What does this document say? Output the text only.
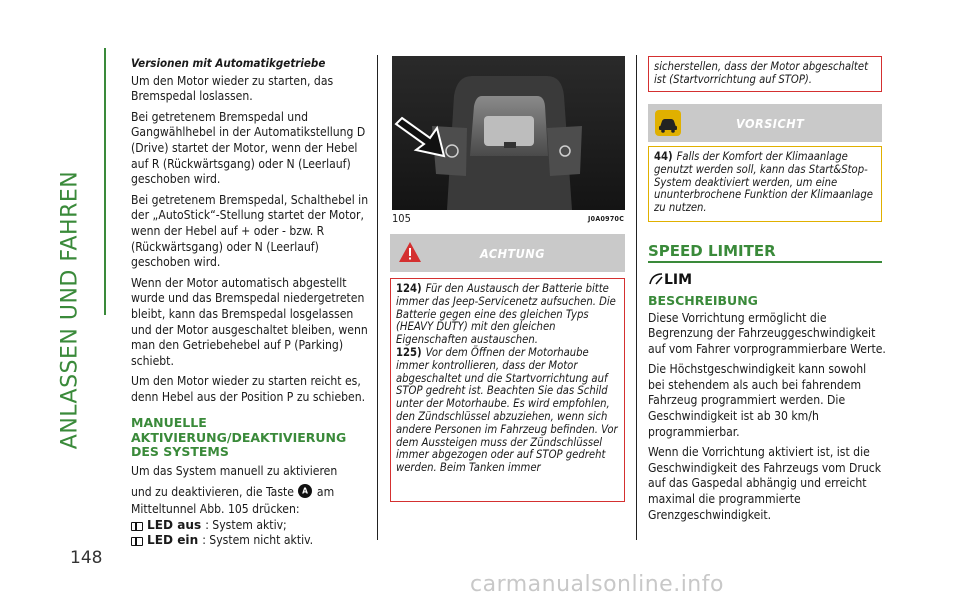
ANLASSEN UND FAHREN
148

Versionen mit Automatikgetriebe

Um den Motor wieder zu starten, das Bremspedal loslassen.

Bei getretenem Bremspedal und Gangwählhebel in der Automatikstellung D (Drive) startet der Motor, wenn der Hebel auf R (Rückwärtsgang) oder N (Leerlauf) geschoben wird.

Bei getretenem Bremspedal, Schalthebel in der „AutoStick“-Stellung startet der Motor, wenn der Hebel auf + oder - bzw. R (Rückwärtsgang) oder N (Leerlauf) geschoben wird.

Wenn der Motor automatisch abgestellt wurde und das Bremspedal niedergetreten bleibt, kann das Bremspedal losgelassen und der Motor ausgeschaltet bleiben, wenn man den Getriebehebel auf P (Parking) schiebt.

Um den Motor wieder zu starten reicht es, denn Hebel aus der Position P zu schieben.

MANUELLE
AKTIVIERUNG/DEAKTIVIERUNG
DES SYSTEMS

Um das System manuell zu aktivieren

und zu deaktivieren, die Taste A am

Mitteltunnel Abb. 105 drücken:

LED aus : System aktiv;
LED ein : System nicht aktiv.
105	J0A0970C
ACHTUNG

124) Für den Austausch der Batterie bitte immer das Jeep-Servicenetz aufsuchen. Die Batterie gegen eine des gleichen Typs (HEAVY DUTY) mit den gleichen Eigenschaften austauschen.

125) Vor dem Öffnen der Motorhaube immer kontrollieren, dass der Motor abgeschaltet und die Startvorrichtung auf STOP gedreht ist. Beachten Sie das Schild unter der Motorhaube. Es wird empfohlen, den Zündschlüssel abzuziehen, wenn sich andere Personen im Fahrzeug befinden. Vor dem Aussteigen muss der Zündschlüssel immer abgezogen oder auf STOP gedreht werden. Beim Tanken immer

sicherstellen, dass der Motor abgeschaltet ist (Startvorrichtung auf STOP).

VORSICHT
44) Falls der Komfort der Klimaanlage genutzt werden soll, kann das Start&Stop-System deaktiviert werden, um eine ununterbrochene Funktion der Klimaanlage zu nutzen.
SPEED LIMITER
LIM
BESCHREIBUNG

Diese Vorrichtung ermöglicht die Begrenzung der Fahrzeuggeschwindigkeit auf vom Fahrer vorprogrammierbare Werte.

Die Höchstgeschwindigkeit kann sowohl bei stehendem als auch bei fahrendem Fahrzeug programmiert werden. Die Geschwindigkeit ist ab 30 km/h programmierbar.

Wenn die Vorrichtung aktiviert ist, ist die Geschwindigkeit des Fahrzeugs vom Druck auf das Gaspedal abhängig und erreicht maximal die programmierte Grenzgeschwindigkeit.

carmanualsonline.info
